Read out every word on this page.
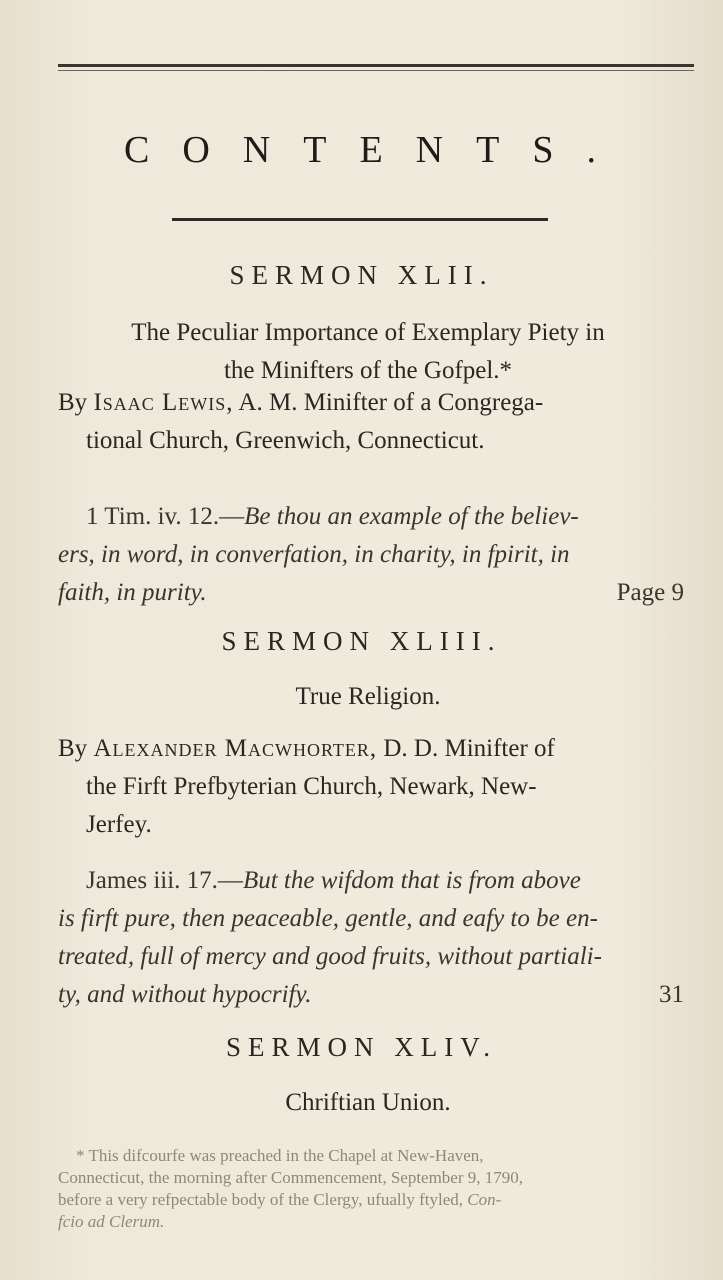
CONTENTS.
SERMON XLII.
The Peculiar Importance of Exemplary Piety in
the Minifters of the Gofpel.*
By Isaac Lewis, A. M. Minifter of a Congrega-
tional Church, Greenwich, Connecticut.
1 Tim. iv. 12.—Be thou an example of the believ-
ers, in word, in converfation, in charity, in fpirit, in
faith, in purity.	Page 9
SERMON XLIII.
True Religion.
By Alexander Macwhorter, D. D. Minifter of
the Firft Prefbyterian Church, Newark, New-
Jerfey.
James iii. 17.—But the wifdom that is from above
is firft pure, then peaceable, gentle, and eafy to be en-
treated, full of mercy and good fruits, without partiali-
ty, and without hypocrify.	31
SERMON XLIV.
Chriftian Union.
* This difcourfe was preached in the Chapel at New-Haven,
Connecticut, the morning after Commencement, September 9, 1790,
before a very refpectable body of the Clergy, ufually ftyled, Con-
fcio ad Clerum.
